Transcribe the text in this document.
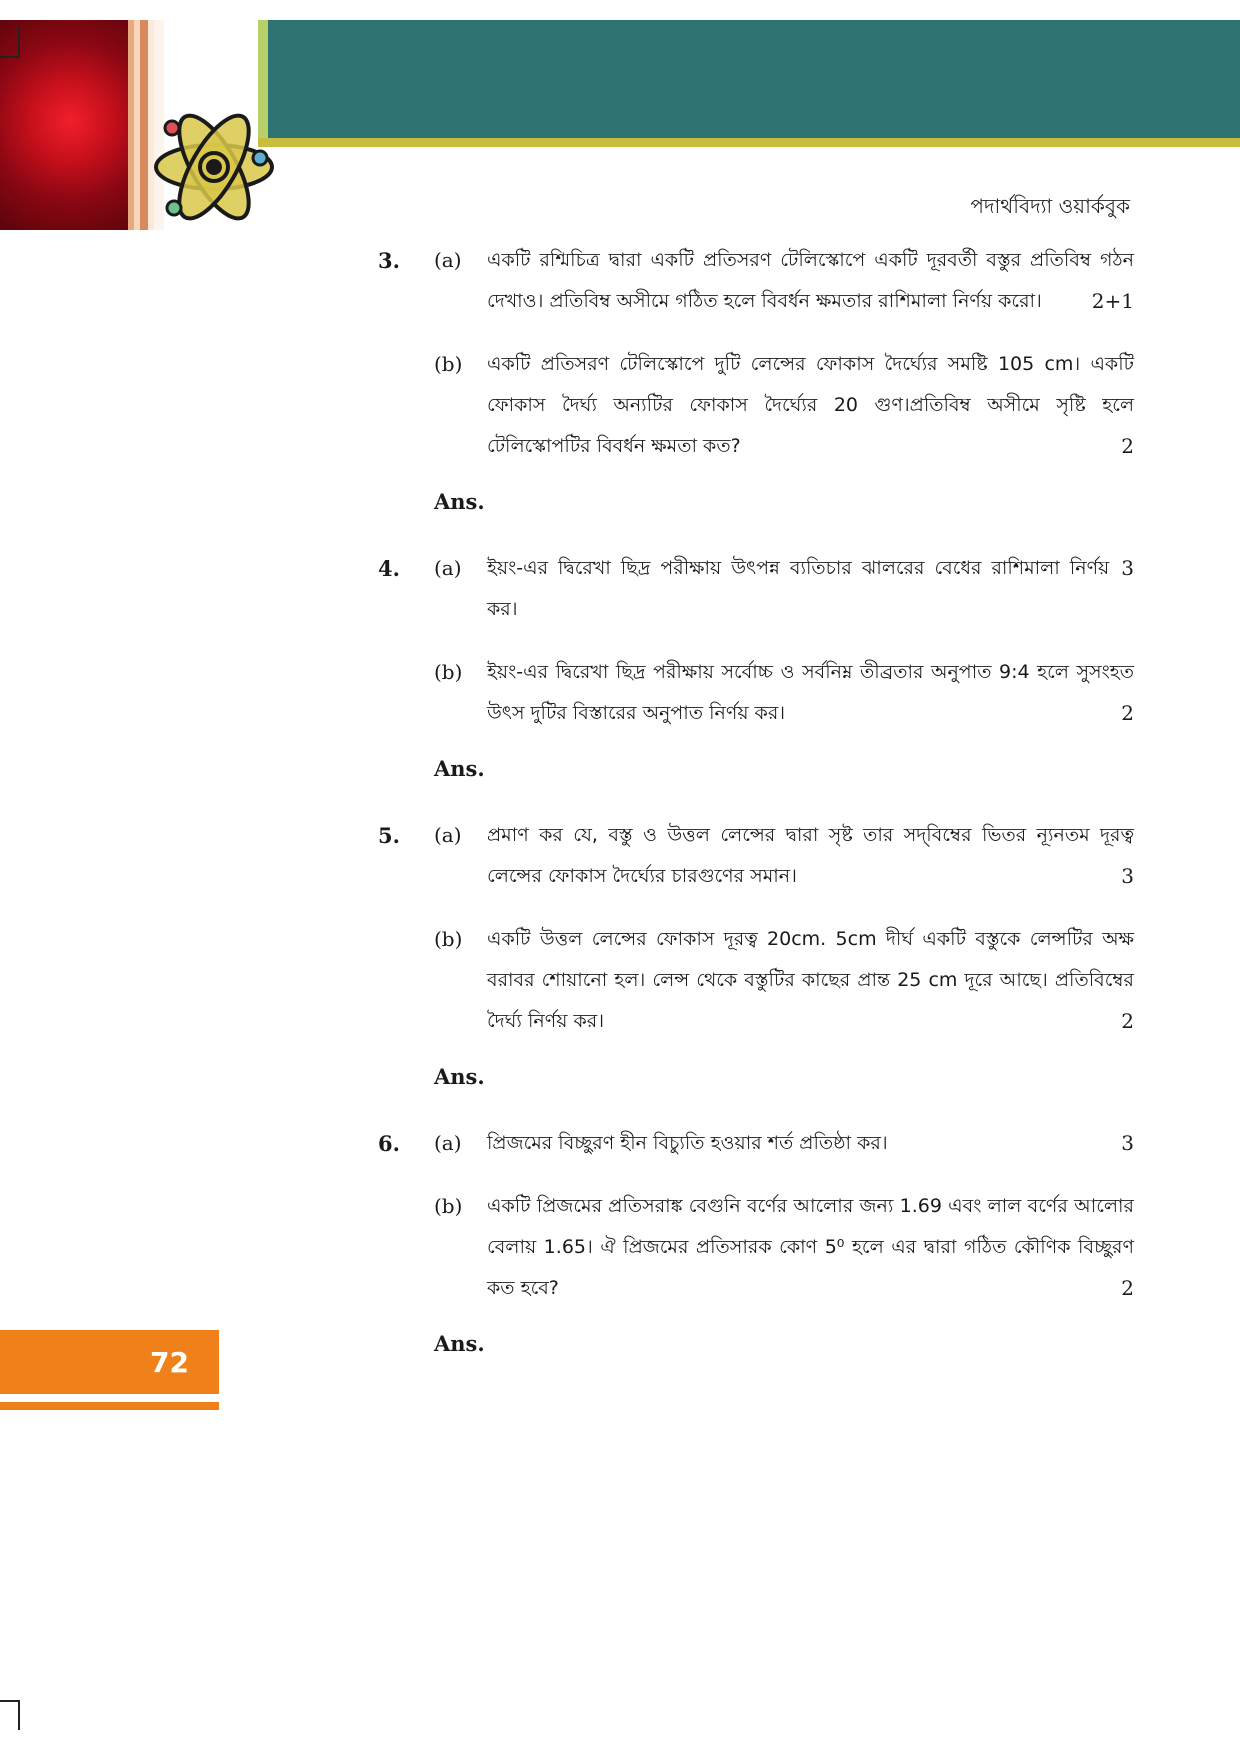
পদার্থবিদ্যা ওয়ার্কবুক
3. (a)
2+1
একটি রশ্মিচিত্র দ্বারা একটি প্রতিসরণ টেলিস্কোপে একটি দূরবর্তী বস্তুর প্রতিবিম্ব গঠন দেখাও। প্রতিবিম্ব অসীমে গঠিত হলে বিবর্ধন ক্ষমতার রাশিমালা নির্ণয় করো।
(b)
2
একটি প্রতিসরণ টেলিস্কোপে দুটি লেন্সের ফোকাস দৈর্ঘ্যের সমষ্টি 105 cm। একটি ফোকাস দৈর্ঘ্য অন্যটির ফোকাস দৈর্ঘ্যের 20 গুণ।প্রতিবিম্ব অসীমে সৃষ্টি হলে টেলিস্কোপটির বিবর্ধন ক্ষমতা কত?
Ans.
4. (a)	3
ইয়ং-এর দ্বিরেখা ছিদ্র পরীক্ষায় উৎপন্ন ব্যতিচার ঝালরের বেধের রাশিমালা নির্ণয় কর।
(b)
2
ইয়ং-এর দ্বিরেখা ছিদ্র পরীক্ষায় সর্বোচ্চ ও সর্বনিম্ন তীব্রতার অনুপাত 9:4 হলে সুসংহত উৎস দুটির বিস্তারের অনুপাত নির্ণয় কর।
Ans.
5. (a)
3
প্রমাণ কর যে, বস্তু ও উত্তল লেন্সের দ্বারা সৃষ্ট তার সদ্‌বিম্বের ভিতর ন্যূনতম দূরত্ব লেন্সের ফোকাস দৈর্ঘ্যের চারগুণের সমান।
(b)
2
একটি উত্তল লেন্সের ফোকাস দূরত্ব 20cm. 5cm দীর্ঘ একটি বস্তুকে লেন্সটির অক্ষ বরাবর শোয়ানো হল। লেন্স থেকে বস্তুটির কাছের প্রান্ত 25 cm দূরে আছে। প্রতিবিম্বের দৈর্ঘ্য নির্ণয় কর।
Ans.
6. (a)	3
প্রিজমের বিচ্ছুরণ হীন বিচ্যুতি হওয়ার শর্ত প্রতিষ্ঠা কর।
(b)
2
একটি প্রিজমের প্রতিসরাঙ্ক বেগুনি বর্ণের আলোর জন্য 1.69 এবং লাল বর্ণের আলোর বেলায় 1.65। ঐ প্রিজমের প্রতিসারক কোণ 5⁰ হলে এর দ্বারা গঠিত কৌণিক বিচ্ছুরণ কত হবে?
Ans.
72
